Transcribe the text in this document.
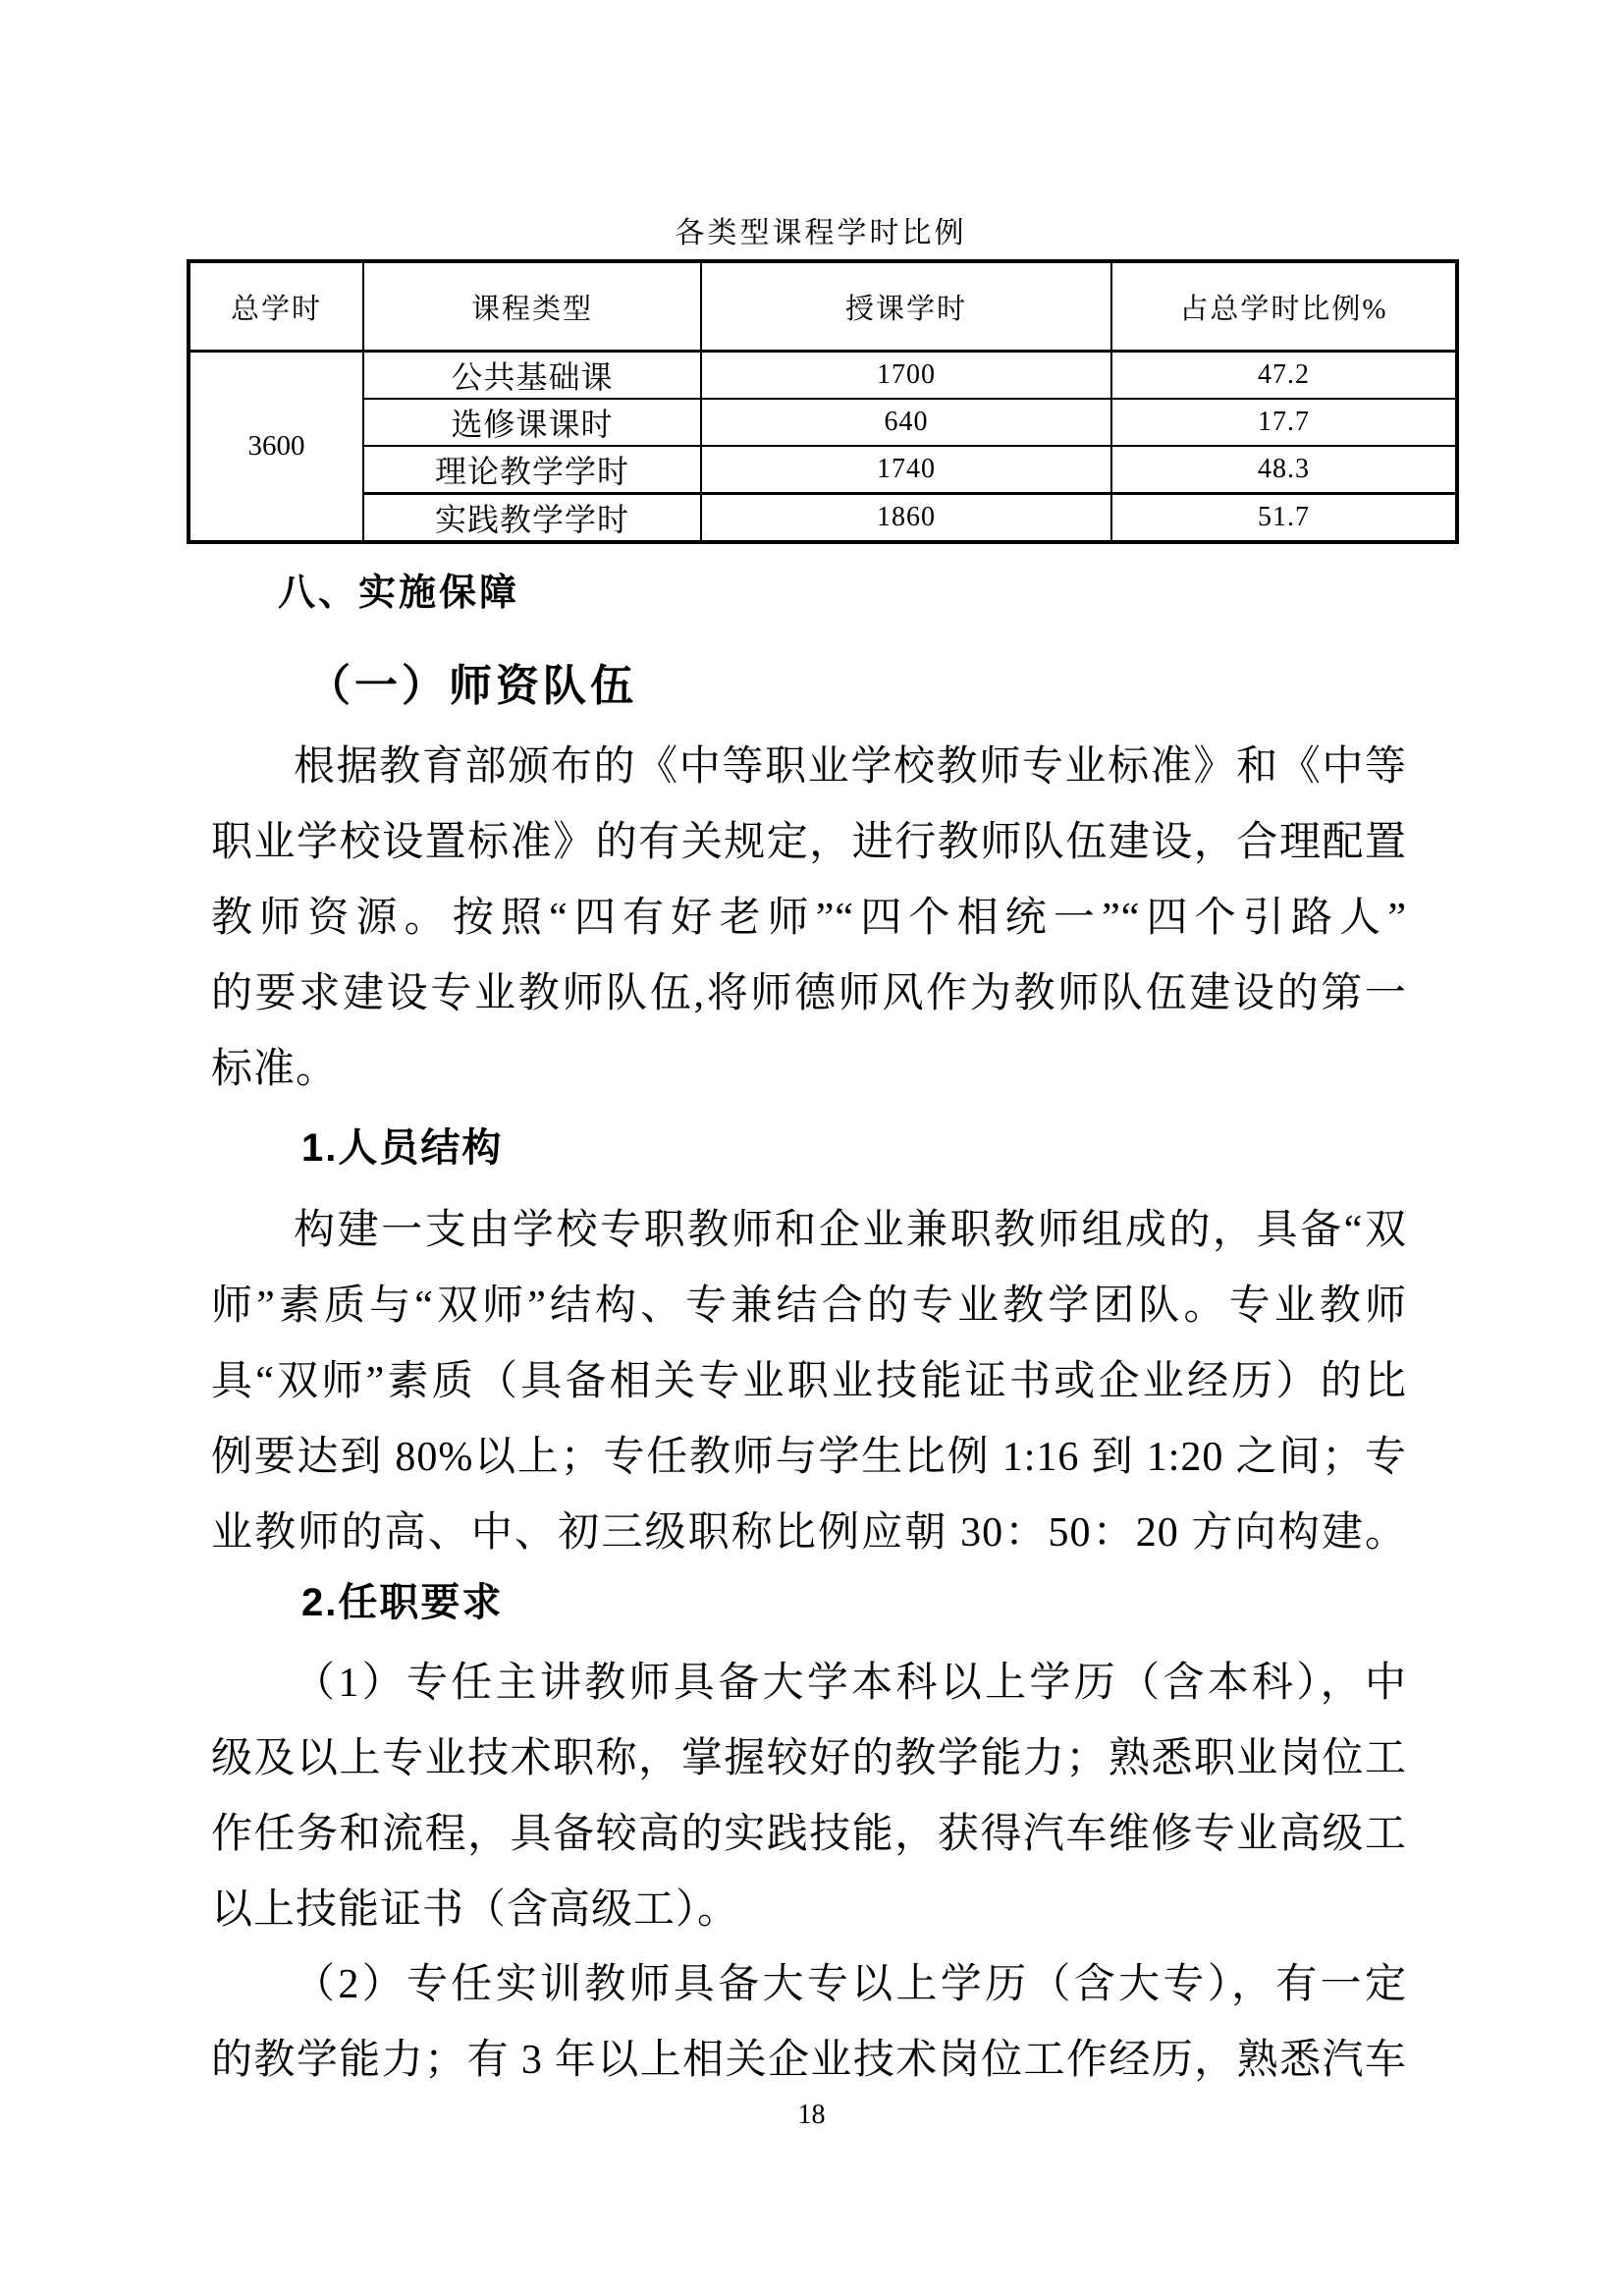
各类型课程学时比例
总学时	课程类型	授课学时	占总学时比例%
3600	公共基础课	1700	47.2
	选修课课时	640	17.7
	理论教学学时	1740	48.3
	实践教学学时	1860	51.7
八、实施保障
（一）师资队伍
根据教育部颁布的《中等职业学校教师专业标准》和《中等
职业学校设置标准》的有关规定，进行教师队伍建设，合理配置
教师资源。按照“四有好老师”“四个相统一”“四个引路人”
的要求建设专业教师队伍,将师德师风作为教师队伍建设的第一
标准。
1.人员结构
构建一支由学校专职教师和企业兼职教师组成的，具备“双
师”素质与“双师”结构、专兼结合的专业教学团队。专业教师
具“双师”素质（具备相关专业职业技能证书或企业经历）的比
例要达到 80%以上；专任教师与学生比例 1:16 到 1:20 之间；专
业教师的高、中、初三级职称比例应朝 30：50：20 方向构建。
2.任职要求
（1）专任主讲教师具备大学本科以上学历（含本科），中
级及以上专业技术职称，掌握较好的教学能力；熟悉职业岗位工
作任务和流程，具备较高的实践技能，获得汽车维修专业高级工
以上技能证书（含高级工）。
（2）专任实训教师具备大专以上学历（含大专），有一定
的教学能力；有 3 年以上相关企业技术岗位工作经历，熟悉汽车
18
